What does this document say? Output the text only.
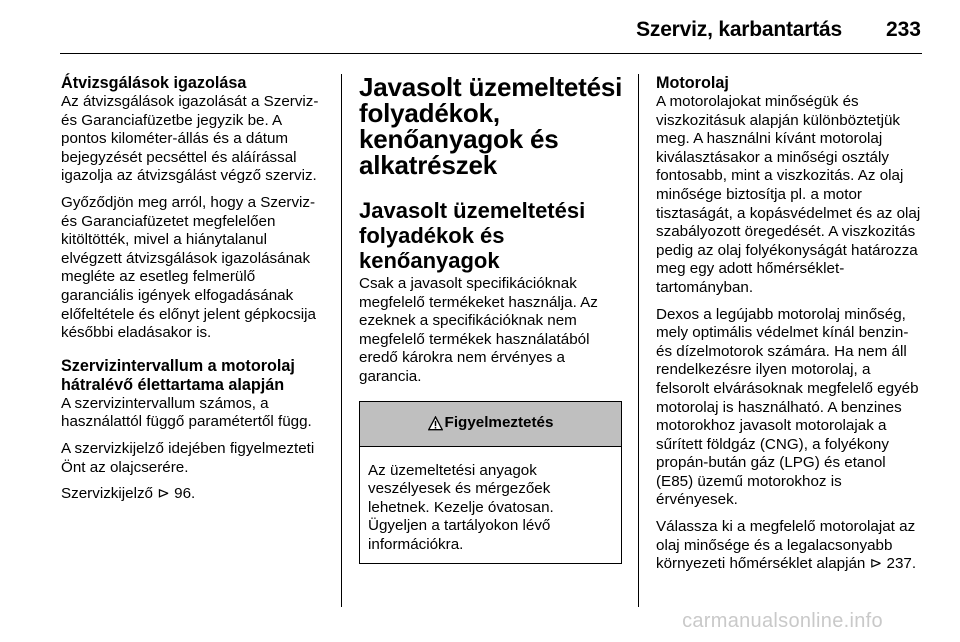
Szerviz, karbantartás 233
Átvizsgálások igazolása

Az átvizsgálások igazolását a Szerviz- és Garanciafüzetbe jegyzik be. A pontos kilométer-állás és a dátum bejegyzését pecséttel és aláírással igazolja az átvizsgálást végző szerviz.

Győződjön meg arról, hogy a Szerviz- és Garanciafüzetet megfelelően kitöltötték, mivel a hiánytalanul elvégzett átvizsgálások igazolásának megléte az esetleg felmerülő garanciális igények elfogadásának előfeltétele és előnyt jelent gépkocsija későbbi eladásakor is.

Szervizintervallum a motorolaj hátralévő élettartama alapján

A szervizintervallum számos, a használattól függő paramétertől függ.

A szervizkijelző idejében figyelmezteti Önt az olajcserére.

Szervizkijelző ⊳ 96.

Javasolt üzemeltetési folyadékok, kenőanyagok és alkatrészek
Javasolt üzemeltetési folyadékok és kenőanyagok

Csak a javasolt specifikációknak megfelelő termékeket használja. Az ezeknek a specifikációknak nem megfelelő termékek használatából eredő károkra nem érvényes a garancia.

Figyelmeztetés
Az üzemeltetési anyagok veszélyesek és mérgezőek lehetnek. Kezelje óvatosan. Ügyeljen a tartályokon lévő információkra.
Motorolaj

A motorolajokat minőségük és viszkozitásuk alapján különböztetjük meg. A használni kívánt motorolaj kiválasztásakor a minőségi osztály fontosabb, mint a viszkozitás. Az olaj minősége biztosítja pl. a motor tisztaságát, a kopásvédelmet és az olaj szabályozott öregedését. A viszkozitás pedig az olaj folyékonyságát határozza meg egy adott hőmérséklet-tartományban.

Dexos a legújabb motorolaj minőség, mely optimális védelmet kínál benzin- és dízelmotorok számára. Ha nem áll rendelkezésre ilyen motorolaj, a felsorolt elvárásoknak megfelelő egyéb motorolaj is használható. A benzines motorokhoz javasolt motorolajak a sűrített földgáz (CNG), a folyékony propán-bután gáz (LPG) és etanol (E85) üzemű motorokhoz is érvényesek.

Válassza ki a megfelelő motorolajat az olaj minősége és a legalacsonyabb környezeti hőmérséklet alapján ⊳ 237.

carmanualsonline.info
